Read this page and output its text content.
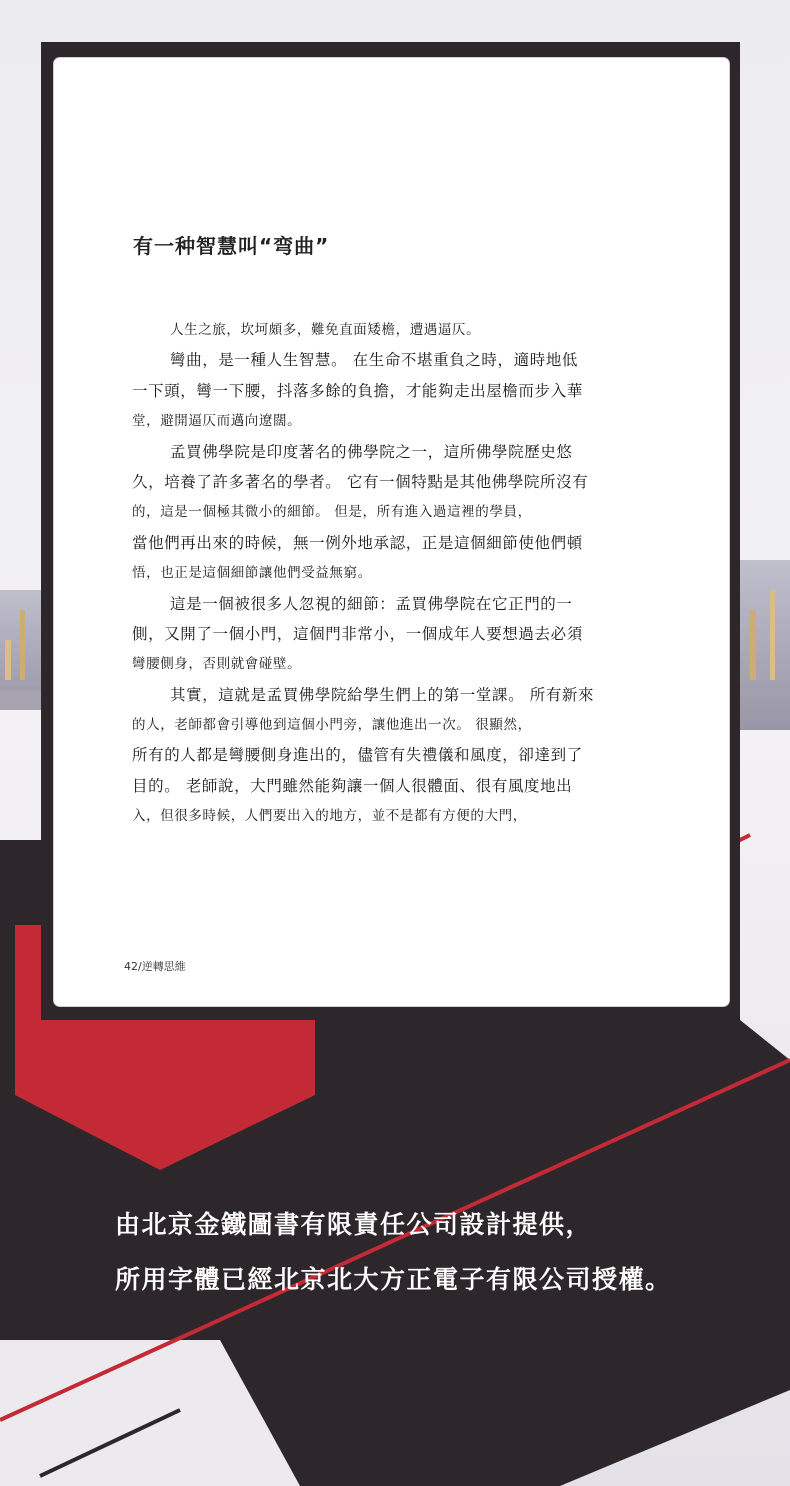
有一种智慧叫“弯曲”
人生之旅，坎坷頗多，難免直面矮檐，遭遇逼仄。
彎曲，是一種人生智慧。 在生命不堪重負之時，適時地低
一下頭，彎一下腰，抖落多餘的負擔，才能夠走出屋檐而步入華
堂，避開逼仄而邁向遼闊。
孟買佛學院是印度著名的佛學院之一，這所佛學院歷史悠
久，培養了許多著名的學者。 它有一個特點是其他佛學院所沒有
的，這是一個極其微小的細節。 但是，所有進入過這裡的學員，
當他們再出來的時候，無一例外地承認，正是這個細節使他們頓
悟，也正是這個細節讓他們受益無窮。
這是一個被很多人忽視的細節：孟買佛學院在它正門的一
側，又開了一個小門，這個門非常小，一個成年人要想過去必須
彎腰側身，否則就會碰壁。
其實，這就是孟買佛學院給學生們上的第一堂課。 所有新來
的人，老師都會引導他到這個小門旁，讓他進出一次。 很顯然，
所有的人都是彎腰側身進出的，儘管有失禮儀和風度，卻達到了
目的。 老師說，大門雖然能夠讓一個人很體面、很有風度地出
入，但很多時候，人們要出入的地方，並不是都有方便的大門，
42/逆轉思維
由北京金鐵圖書有限責任公司設計提供，
所用字體已經北京北大方正電子有限公司授權。
